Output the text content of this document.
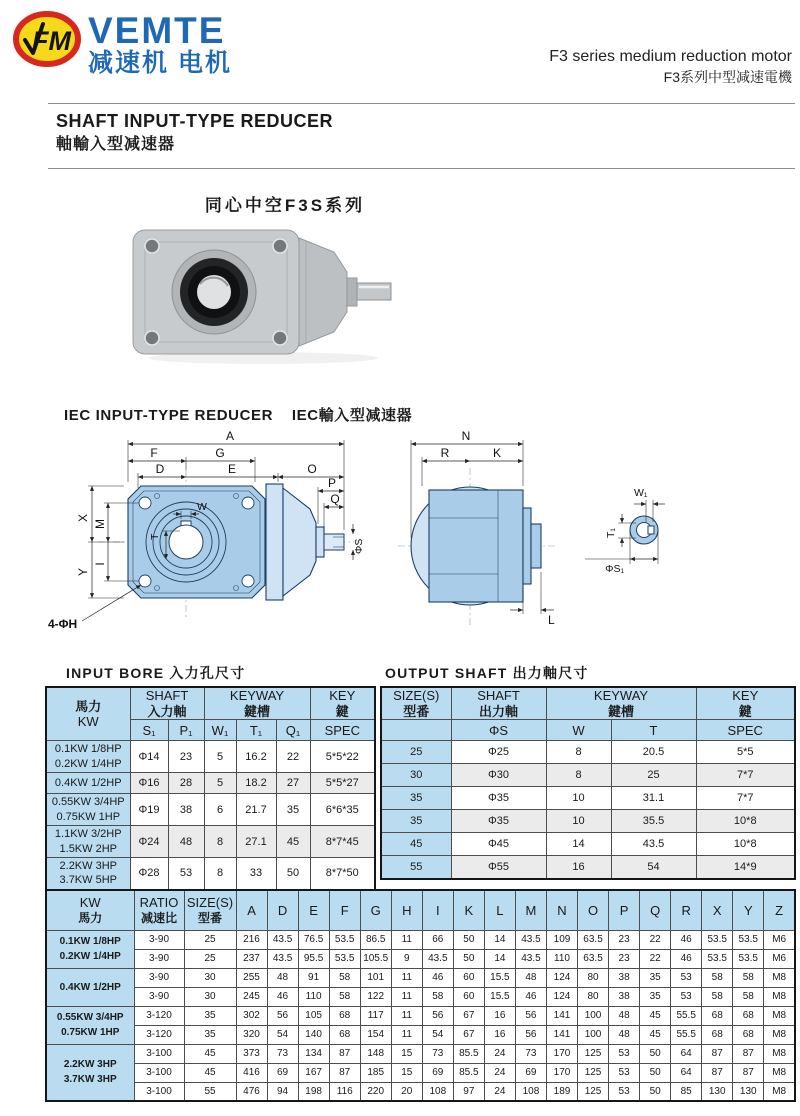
FM VEMTE
减速机 电机	F3 series medium reduction motor
F3系列中型减速電機
SHAFT INPUT-TYPE REDUCER
軸輸入型减速器
同心中空F3S系列
IEC INPUT-TYPE REDUCER IEC輸入型减速器
W
T
A
F	G
D	E	O
P
Q
ΦS
X
M
Y
I
4-ΦH
N
R	K
L
W₁
T₁
ΦS₁
INPUT BORE 入力孔尺寸	OUTPUT SHAFT 出力軸尺寸
馬力
KW	SHAFT
入力軸		KEYWAY
鍵槽			KEY
鍵

	S₁	P₁	W₁	T₁	Q₁	SPEC
0.1KW 1/8HP
0.2KW 1/4HP	Φ14	23	5	16.2	22	5*5*22
0.4KW 1/2HP	Φ16	28	5	18.2	27	5*5*27
0.55KW 3/4HP
0.75KW 1HP	Φ19	38	6	21.7	35	6*6*35
1.1KW 3/2HP
1.5KW 2HP	Φ24	48	8	27.1	45	8*7*45
2.2KW 3HP
3.7KW 5HP	Φ28	53	8	33	50	8*7*50
SIZE(S)
型番	SHAFT
出力軸	KEYWAY
鍵槽		KEY
鍵

	ΦS	W	T	SPEC
25	Φ25	8	20.5	5*5
30	Φ30	8	25	7*7
35	Φ35	10	31.1	7*7
35	Φ35	10	35.5	10*8
45	Φ45	14	43.5	10*8
55	Φ55	16	54	14*9
KW
馬力	RATIO
减速比	SIZE(S)
型番	A	D	E	F	G	H	I	K	L	M	N	O	P	Q	R	X	Y	Z
0.1KW 1/8HP
0.2KW 1/4HP	3-90	25	216	43.5	76.5	53.5	86.5	11	66	50	14	43.5	109	63.5	23	22	46	53.5	53.5	M6
	3-90	25	237	43.5	95.5	53.5	105.5	9	43.5	50	14	43.5	110	63.5	23	22	46	53.5	53.5	M6
0.4KW 1/2HP	3-90	30	255	48	91	58	101	11	46	60	15.5	48	124	80	38	35	53	58	58	M8
	3-90	30	245	46	110	58	122	11	58	60	15.5	46	124	80	38	35	53	58	58	M8
0.55KW 3/4HP
0.75KW 1HP	3-120	35	302	56	105	68	117	11	56	67	16	56	141	100	48	45	55.5	68	68	M8
	3-120	35	320	54	140	68	154	11	54	67	16	56	141	100	48	45	55.5	68	68	M8
2.2KW 3HP
3.7KW 3HP	3-100	45	373	73	134	87	148	15	73	85.5	24	73	170	125	53	50	64	87	87	M8
	3-100	45	416	69	167	87	185	15	69	85.5	24	69	170	125	53	50	64	87	87	M8
	3-100	55	476	94	198	116	220	20	108	97	24	108	189	125	53	50	85	130	130	M8
